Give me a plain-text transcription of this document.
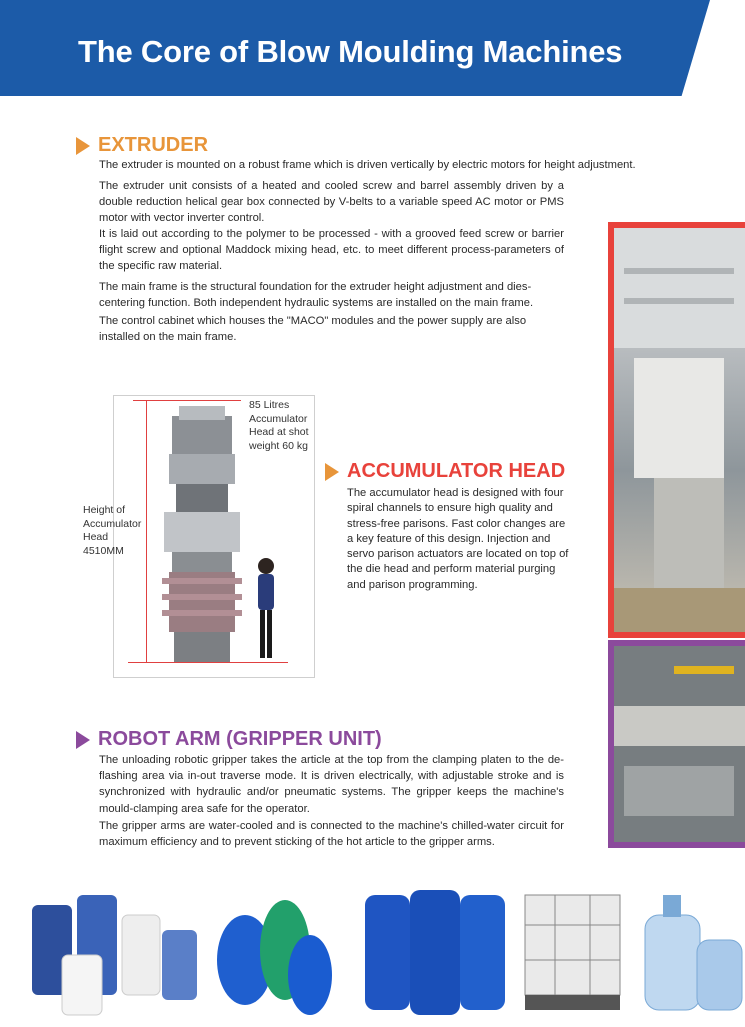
The Core of Blow Moulding Machines
EXTRUDER

The extruder is mounted on a robust frame which is driven vertically by electric motors for height adjustment.

The extruder unit consists of a heated and cooled screw and barrel assembly driven by a double reduction helical gear box connected by V-belts to a variable speed AC motor or PMS motor with vector inverter control.

It is laid out according to the polymer to be processed - with a grooved feed screw or barrier flight screw and optional Maddock mixing head, etc. to meet different process-parameters of the specific raw material.

The main frame is the structural foundation for the extruder height adjustment and dies-centering function. Both independent hydraulic systems are installed on the main frame.

The control cabinet which houses the "MACO" modules and the power supply are also installed on the main frame.

85 Litres
Accumulator
Head at shot
weight 60 kg

Height of
Accumulator
Head
4510MM

ACCUMULATOR HEAD

The accumulator head is designed with four spiral channels to ensure high quality and stress-free parisons. Fast color changes are a key feature of this design. Injection and servo parison actuators are located on top of the die head and perform material purging and parison programming.

ROBOT ARM (GRIPPER UNIT)

The unloading robotic gripper takes the article at the top from the clamping platen to the de-flashing area via in-out traverse mode. It is driven electrically, with adjustable stroke and is synchronized with hydraulic and/or pneumatic systems. The gripper keeps the machine's mould-clamping area safe for the operator.

The gripper arms are water-cooled and is connected to the machine's chilled-water circuit for maximum efficiency and to prevent sticking of the hot article to the gripper arms.
